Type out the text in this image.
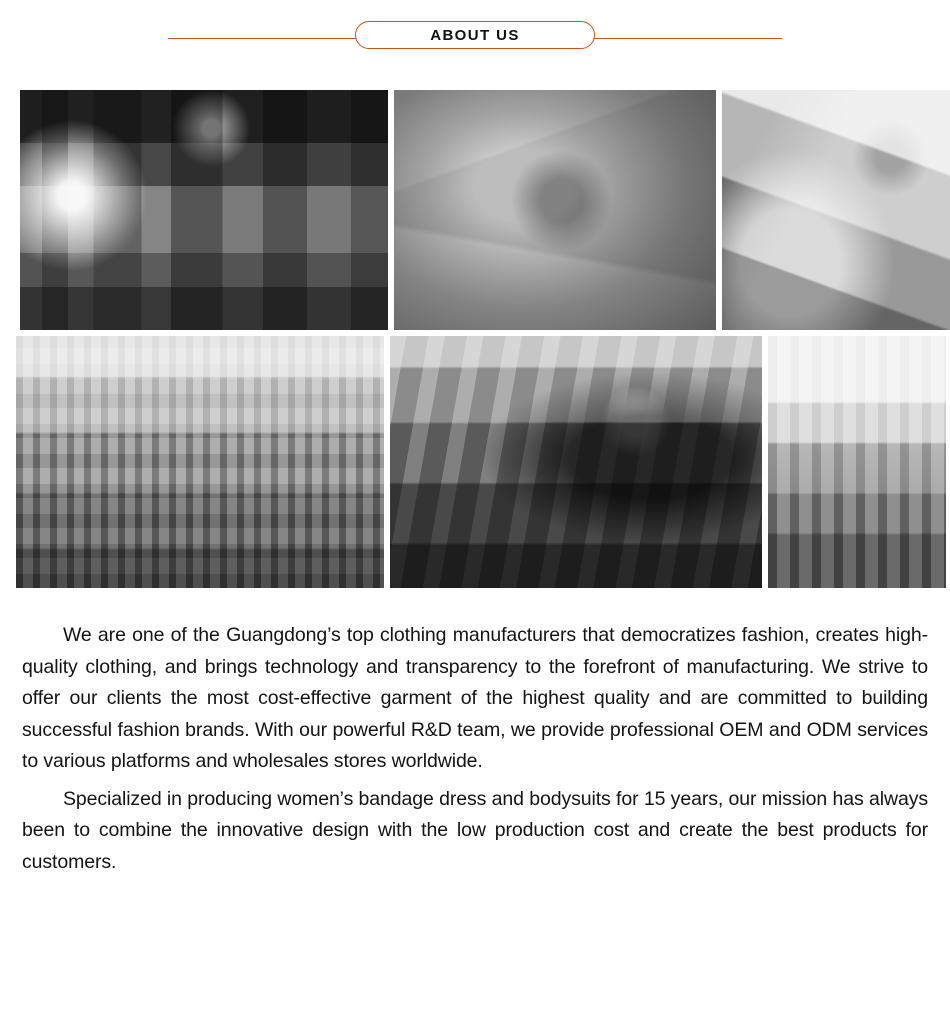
ABOUT US

We are one of the Guangdong’s top clothing manufacturers that democratizes fashion, creates high-quality clothing, and brings technology and transparency to the forefront of manufacturing. We strive to offer our clients the most cost-effective garment of the highest quality and are committed to building successful fashion brands. With our powerful R&D team, we provide professional OEM and ODM services to various platforms and wholesales stores worldwide.

Specialized in producing women’s bandage dress and bodysuits for 15 years, our mission has always been to combine the innovative design with the low production cost and create the best products for customers.
